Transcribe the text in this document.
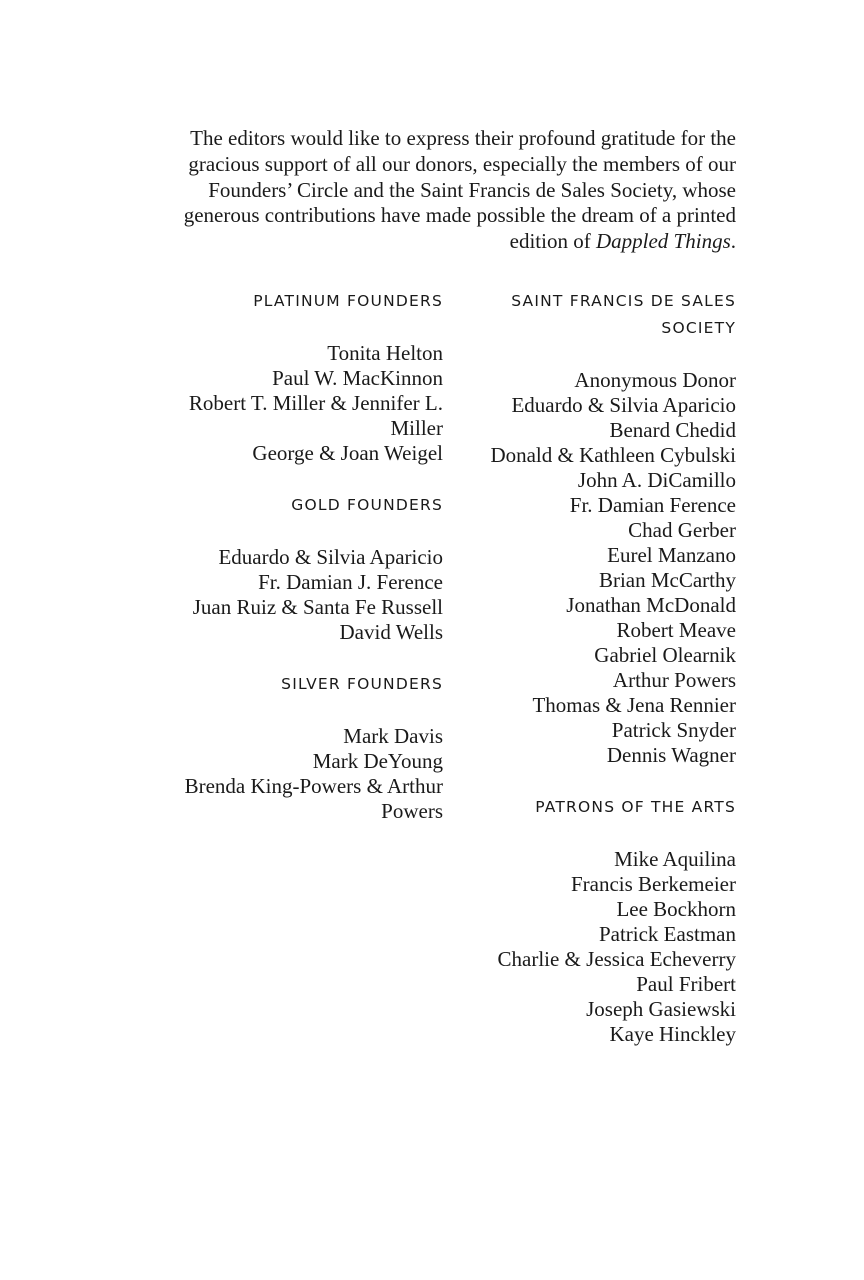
The editors would like to express their profound gratitude for the gracious support of all our donors, especially the members of our Founders’ Circle and the Saint Francis de Sales Society, whose generous contributions have made possible the dream of a printed edition of Dappled Things.

PLATINUM FOUNDERS
Tonita Helton
Paul W. MacKinnon
Robert T. Miller & Jennifer L. Miller
George & Joan Weigel
GOLD FOUNDERS
Eduardo & Silvia Aparicio
Fr. Damian J. Ference
Juan Ruiz & Santa Fe Russell
David Wells
SILVER FOUNDERS
Mark Davis
Mark DeYoung
Brenda King-Powers & Arthur Powers
SAINT FRANCIS DE SALES SOCIETY
Anonymous Donor
Eduardo & Silvia Aparicio
Benard Chedid
Donald & Kathleen Cybulski
John A. DiCamillo
Fr. Damian Ference
Chad Gerber
Eurel Manzano
Brian McCarthy
Jonathan McDonald
Robert Meave
Gabriel Olearnik
Arthur Powers
Thomas & Jena Rennier
Patrick Snyder
Dennis Wagner
PATRONS OF THE ARTS
Mike Aquilina
Francis Berkemeier
Lee Bockhorn
Patrick Eastman
Charlie & Jessica Echeverry
Paul Fribert
Joseph Gasiewski
Kaye Hinckley
